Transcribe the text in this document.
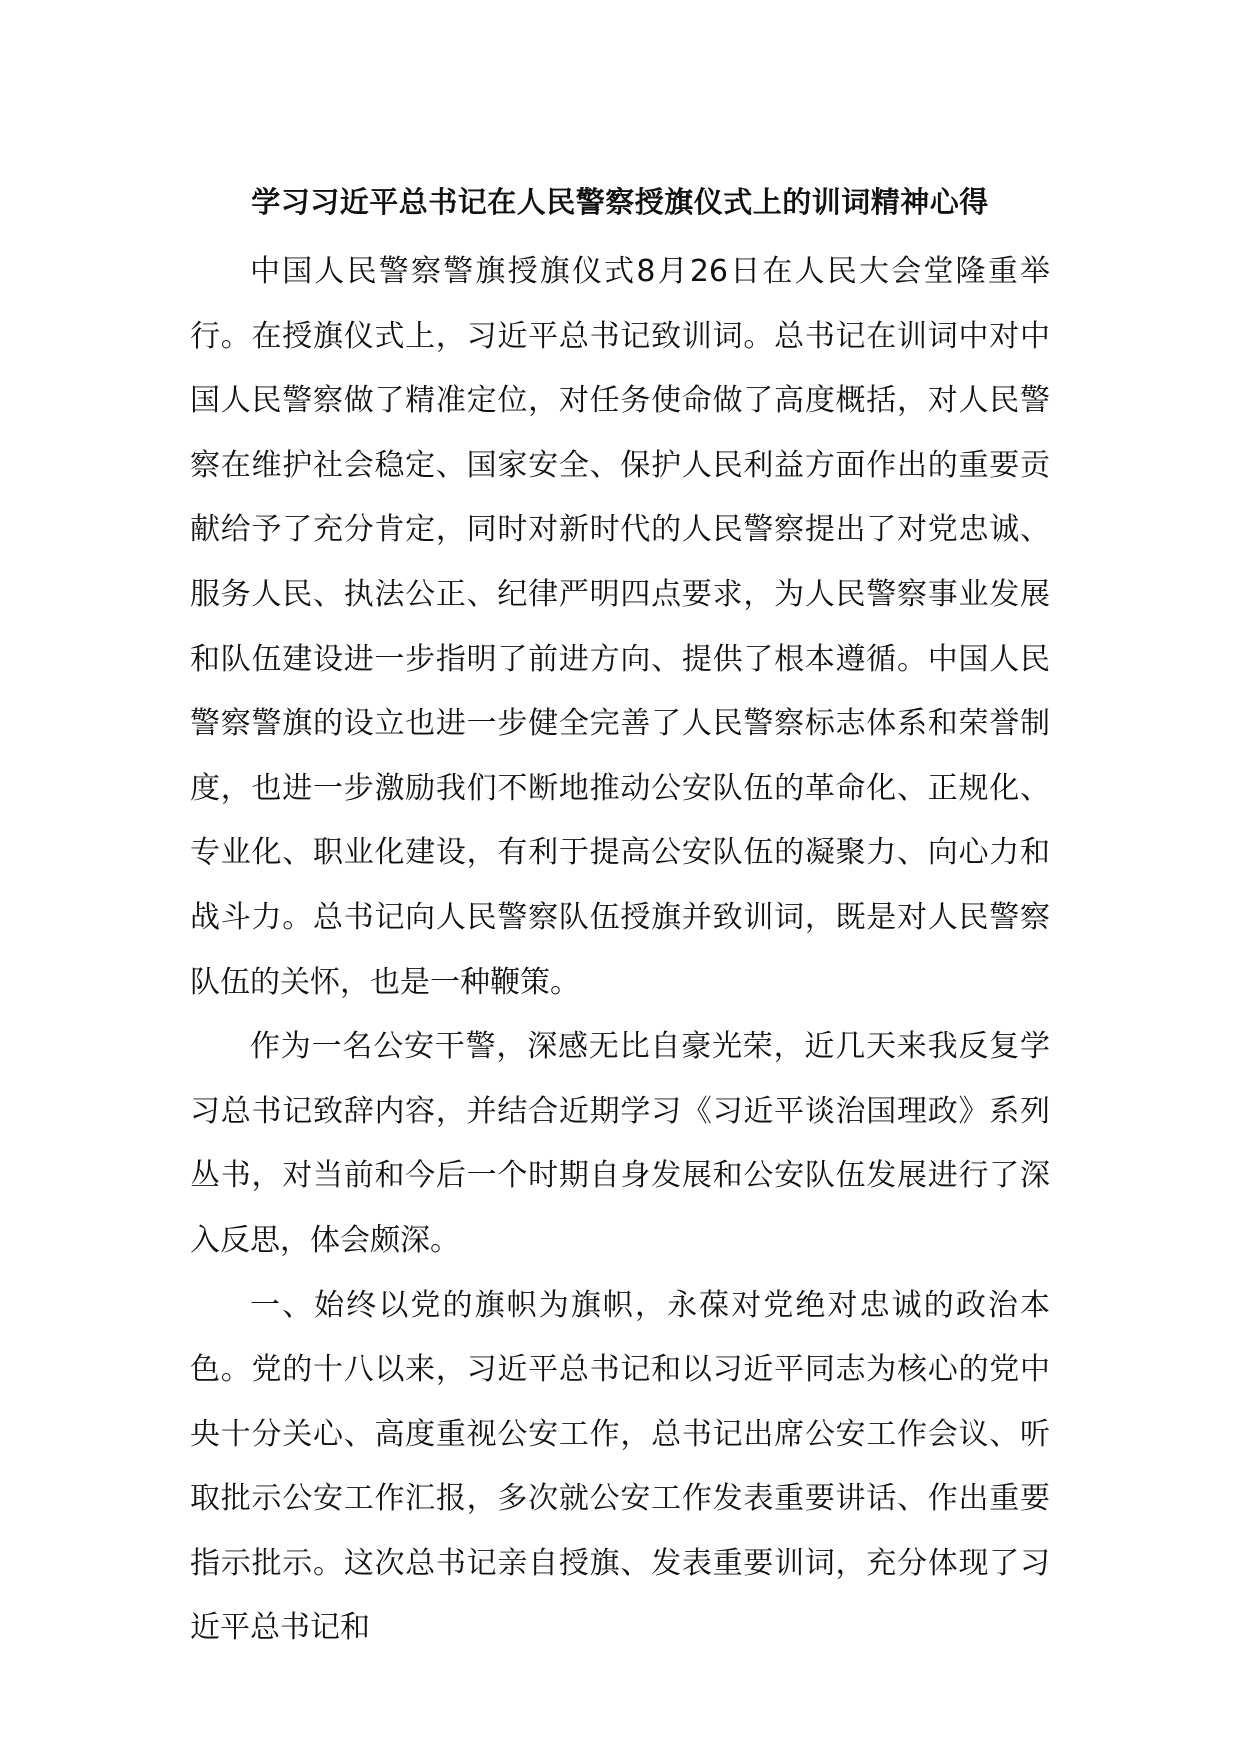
学习习近平总书记在人民警察授旗仪式上的训词精神心得

中国人民警察警旗授旗仪式8月26日在人民大会堂隆重举行。在授旗仪式上，习近平总书记致训词。总书记在训词中对中国人民警察做了精准定位，对任务使命做了高度概括，对人民警察在维护社会稳定、国家安全、保护人民利益方面作出的重要贡献给予了充分肯定，同时对新时代的人民警察提出了对党忠诚、服务人民、执法公正、纪律严明四点要求，为人民警察事业发展和队伍建设进一步指明了前进方向、提供了根本遵循。中国人民警察警旗的设立也进一步健全完善了人民警察标志体系和荣誉制度，也进一步激励我们不断地推动公安队伍的革命化、正规化、专业化、职业化建设，有利于提高公安队伍的凝聚力、向心力和战斗力。总书记向人民警察队伍授旗并致训词，既是对人民警察队伍的关怀，也是一种鞭策。

作为一名公安干警，深感无比自豪光荣，近几天来我反复学习总书记致辞内容，并结合近期学习《习近平谈治国理政》系列丛书，对当前和今后一个时期自身发展和公安队伍发展进行了深入反思，体会颇深。

一、始终以党的旗帜为旗帜，永葆对党绝对忠诚的政治本色。党的十八以来，习近平总书记和以习近平同志为核心的党中央十分关心、高度重视公安工作，总书记出席公安工作会议、听取批示公安工作汇报，多次就公安工作发表重要讲话、作出重要指示批示。这次总书记亲自授旗、发表重要训词，充分体现了习近平总书记和
